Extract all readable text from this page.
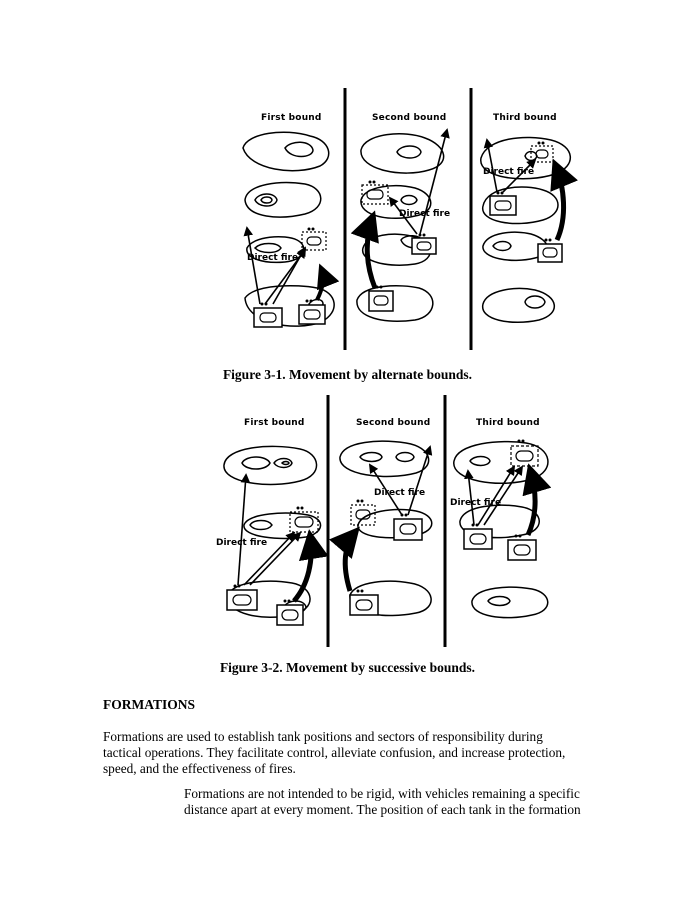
First bound	Second bound	Third bound
Direct fire
Direct fire
Direct fire
Figure 3-1. Movement by alternate bounds.
First bound	Second bound	Third bound
Direct fire
Direct fire
Direct fire
Figure 3-2. Movement by successive bounds.
FORMATIONS
Formations are used to establish tank positions and sectors of responsibility during
tactical operations. They facilitate control, alleviate confusion, and increase protection,
speed, and the effectiveness of fires.
Formations are not intended to be rigid, with vehicles remaining a specific
distance apart at every moment. The position of each tank in the formation
